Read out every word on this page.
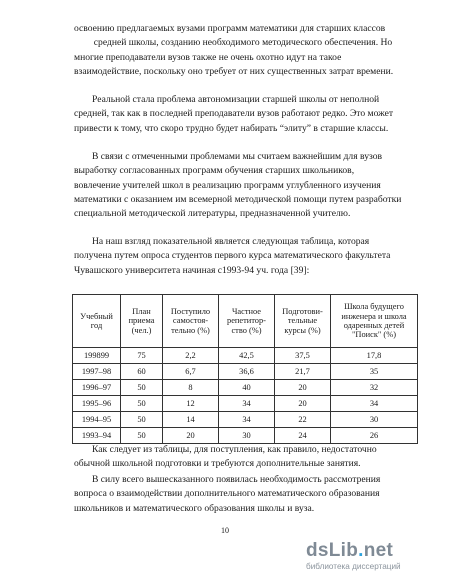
освоению предлагаемых вузами программ математики для старших классов
средней школы, созданию необходимого методического обеспечения. Но
многие преподаватели вузов также не очень охотно идут на такое
взаимодействие, поскольку оно требует от них существенных затрат времени.
Реальной стала проблема автономизации старшей школы от неполной
средней, так как в последней преподаватели вузов работают редко. Это может
привести к тому, что скоро трудно будет набирать “элиту” в старшие классы.
В связи с отмеченными проблемами мы считаем важнейшим для вузов
выработку согласованных программ обучения старших школьников,
вовлечение учителей школ в реализацию программ углубленного изучения
математики с оказанием им всемерной методической помощи путем разработки
специальной методической литературы, предназначенной учителю.
На наш взгляд показательной является следующая таблица, которая
получена путем опроса студентов первого курса математического факультета
Чувашского университета начиная с1993-94 уч. года [39]:
Учебный год	План приема (чел.)	Поступило самостоя-тельно (%)	Частное репетитор-ство (%)	Подготови-тельные курсы (%)	Школа будущего инженера и школа одаренных детей "Поиск" (%)
199899	75	2,2	42,5	37,5	17,8
1997–98	60	6,7	36,6	21,7	35
1996–97	50	8	40	20	32
1995–96	50	12	34	20	34
1994–95	50	14	34	22	30
1993–94	50	20	30	24	26
Как следует из таблицы, для поступления, как правило, недостаточно
обычной школьной подготовки и требуются дополнительные занятия.
В силу всего вышесказанного появилась необходимость рассмотрения
вопроса о взаимодействии дополнительного математического образования
школьников и математического образования школы и вуза.
10
dsLib.net
библиотека диссертаций
